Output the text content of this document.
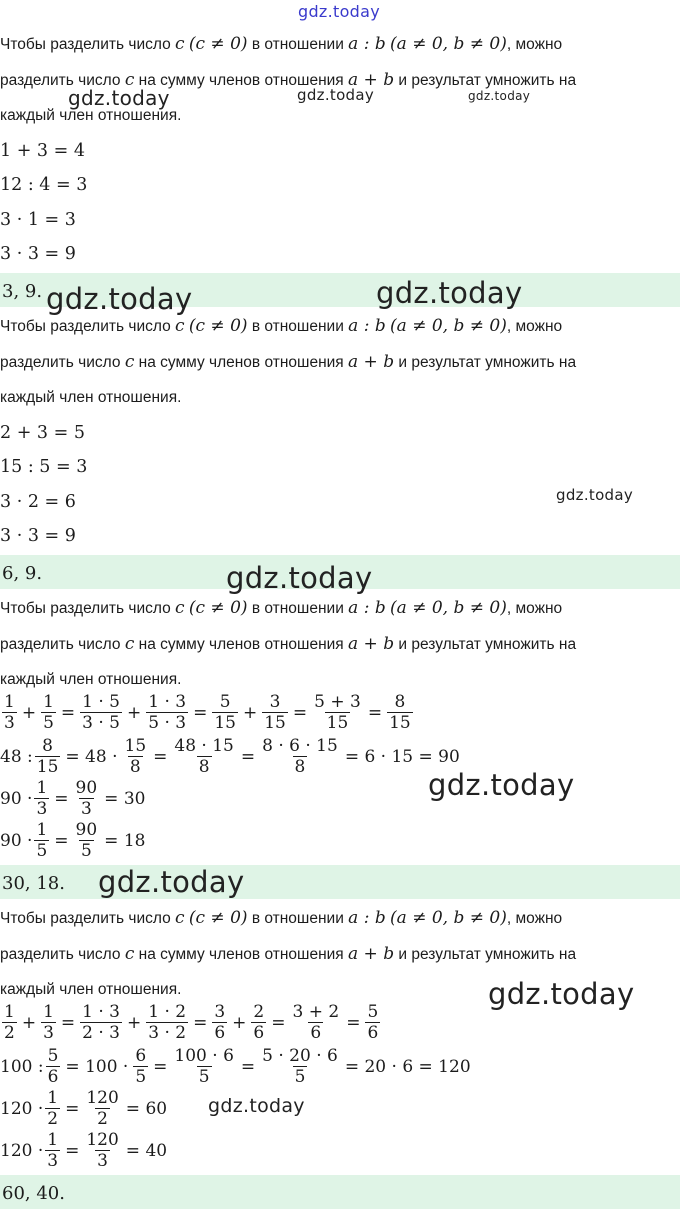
gdz.today
gdz.today	gdz.today	gdz.today
gdz.today	gdz.today
gdz.today
gdz.today
gdz.today
gdz.today
gdz.today
gdz.today
Чтобы разделить число c (c ≠ 0) в отношении a : b (a ≠ 0, b ≠ 0), можно
разделить число c на сумму членов отношения a + b и результат умножить на
каждый член отношения.
1 + 3 = 4
12 : 4 = 3
3 · 1 = 3
3 · 3 = 9
3, 9.
Чтобы разделить число c (c ≠ 0) в отношении a : b (a ≠ 0, b ≠ 0), можно
разделить число c на сумму членов отношения a + b и результат умножить на
каждый член отношения.
2 + 3 = 5
15 : 5 = 3
3 · 2 = 6
3 · 3 = 9
6, 9.
Чтобы разделить число c (c ≠ 0) в отношении a : b (a ≠ 0, b ≠ 0), можно
разделить число c на сумму членов отношения a + b и результат умножить на
каждый член отношения.
$\frac{1}{3} + \frac{1}{5} = \frac{1 \cdot 5}{3 \cdot 5} + \frac{1 \cdot 3}{5 \cdot 3} = \frac{5}{15} + \frac{3}{15} = \frac{5 + 3}{15} = \frac{8}{15}$
48 : $\frac{8}{15} = 48 \cdot \frac{15}{8} = \frac{48 \cdot 15}{8} = \frac{8 \cdot 6 \cdot 15}{8} = 6 \cdot 15 = 90$
$90 \cdot \frac{1}{3} = \frac{90}{3} = 30$
$90 \cdot \frac{1}{5} = \frac{90}{5} = 18$
30, 18.
Чтобы разделить число c (c ≠ 0) в отношении a : b (a ≠ 0, b ≠ 0), можно
разделить число c на сумму членов отношения a + b и результат умножить на
каждый член отношения.
$\frac{1}{2} + \frac{1}{3} = \frac{1 \cdot 3}{2 \cdot 3} + \frac{1 \cdot 2}{3 \cdot 2} = \frac{3}{6} + \frac{2}{6} = \frac{3 + 2}{6} = \frac{5}{6}$
100 : $\frac{5}{6} = 100 \cdot \frac{6}{5} = \frac{100 \cdot 6}{5} = \frac{5 \cdot 20 \cdot 6}{5} = 20 \cdot 6 = 120$
$120 \cdot \frac{1}{2} = \frac{120}{2} = 60$
$120 \cdot \frac{1}{3} = \frac{120}{3} = 40$
60, 40.
